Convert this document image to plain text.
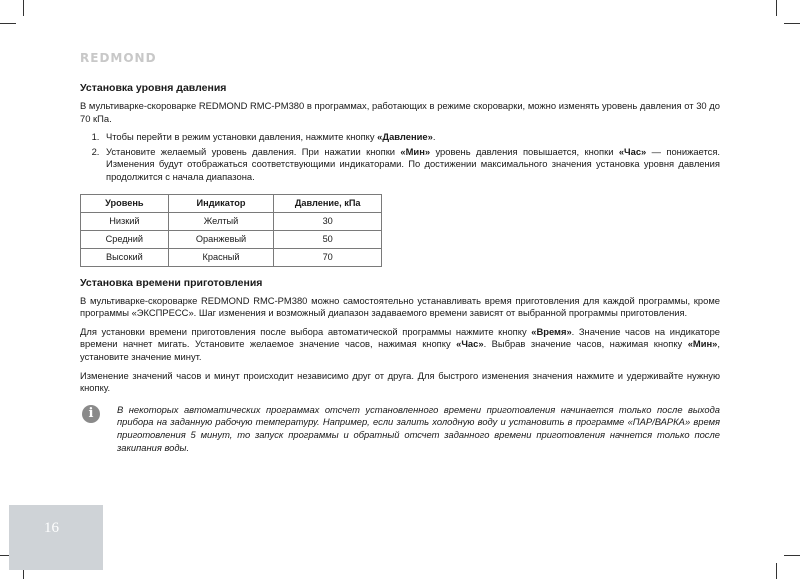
REDMOND
Установка уровня давления

В мультиварке-скороварке REDMOND RMC-PM380 в программах, работающих в режиме скороварки, можно изменять уровень давления от 30 до 70 кПа.

1. Чтобы перейти в режим установки давления, нажмите кнопку «Давление».
2. Установите желаемый уровень давления. При нажатии кнопки «Мин» уровень давления повышается, кнопки «Час» — понижается. Изменения будут отображаться соответствующими индикаторами. По достижении максимального значения установка уровня давления продолжится с начала диапазона.
Уровень	Индикатор	Давление, кПа
Низкий	Желтый	30
Средний	Оранжевый	50
Высокий	Красный	70
Установка времени приготовления

В мультиварке-скороварке REDMOND RMC-PM380 можно самостоятельно устанавливать время приготовления для каждой программы, кроме программы «ЭКСПРЕСС». Шаг изменения и возможный диапазон задаваемого времени зависят от выбранной программы приготовления.

Для установки времени приготовления после выбора автоматической программы нажмите кнопку «Время». Значение часов на индикаторе времени начнет мигать. Установите желаемое значение часов, нажимая кнопку «Час». Выбрав значение часов, нажимая кнопку «Мин», установите значение минут.

Изменение значений часов и минут происходит независимо друг от друга. Для быстрого изменения значения нажмите и удерживайте нужную кнопку.

i	В некоторых автоматических программах отсчет установленного времени приготовления начинается только после выхода прибора на заданную рабочую температуру. Например, если залить холодную воду и установить в программе «ПАР/ВАРКА» время приготовления 5 минут, то запуск программы и обратный отсчет заданного времени приготовления начнется только после закипания воды.
16
